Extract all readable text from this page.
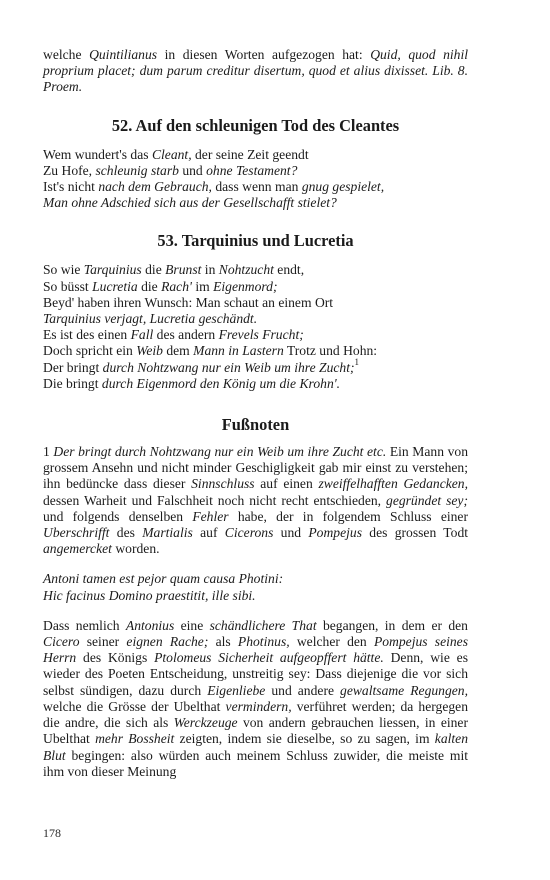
welche Quintilianus in diesen Worten aufgezogen hat: Quid, quod nihil proprium placet; dum parum creditur disertum, quod et alius dixisset. Lib. 8. Proem.

52. Auf den schleunigen Tod des Cleantes
Wem wundert's das Cleant, der seine Zeit geendt
Zu Hofe, schleunig starb und ohne Testament?
Ist's nicht nach dem Gebrauch, dass wenn man gnug gespielet,
Man ohne Adschied sich aus der Gesellschafft stielet?
53. Tarquinius und Lucretia
So wie Tarquinius die Brunst in Nohtzucht endt,
So büsst Lucretia die Rach' im Eigenmord;
Beyd' haben ihren Wunsch: Man schaut an einem Ort
Tarquinius verjagt, Lucretia geschändt.
Es ist des einen Fall des andern Frevels Frucht;
Doch spricht ein Weib dem Mann in Lastern Trotz und Hohn:
Der bringt durch Nohtzwang nur ein Weib um ihre Zucht;$^1$
Die bringt durch Eigenmord den König um die Krohn'.
Fußnoten

1 Der bringt durch Nohtzwang nur ein Weib um ihre Zucht etc. Ein Mann von grossem Ansehn und nicht minder Geschigligkeit gab mir einst zu verstehen; ihn bedüncke dass dieser Sinnschluss auf einen zweiffelhafften Gedancken, dessen Warheit und Falschheit noch nicht recht entschieden, gegründet sey; und folgends denselben Fehler habe, der in folgendem Schluss einer Uberschrifft des Martialis auf Cicerons und Pompejus des grossen Todt angemercket worden.

Antoni tamen est pejor quam causa Photini:
Hic facinus Domino praestitit, ille sibi.

Dass nemlich Antonius eine schändlichere That begangen, in dem er den Cicero seiner eignen Rache; als Photinus, welcher den Pompejus seines Herrn des Königs Ptolomeus Sicherheit aufgeopffert hätte. Denn, wie es wieder des Poeten Entscheidung, unstreitig sey: Dass diejenige die vor sich selbst sündigen, dazu durch Eigenliebe und andere gewaltsame Regungen, welche die Grösse der Ubelthat vermindern, verführet werden; da hergegen die andre, die sich als Werckzeuge von andern gebrauchen liessen, in einer Ubelthat mehr Bossheit zeigten, indem sie dieselbe, so zu sagen, im kalten Blut begingen: also würden auch meinem Schluss zuwider, die meiste mit ihm von dieser Meinung

178
